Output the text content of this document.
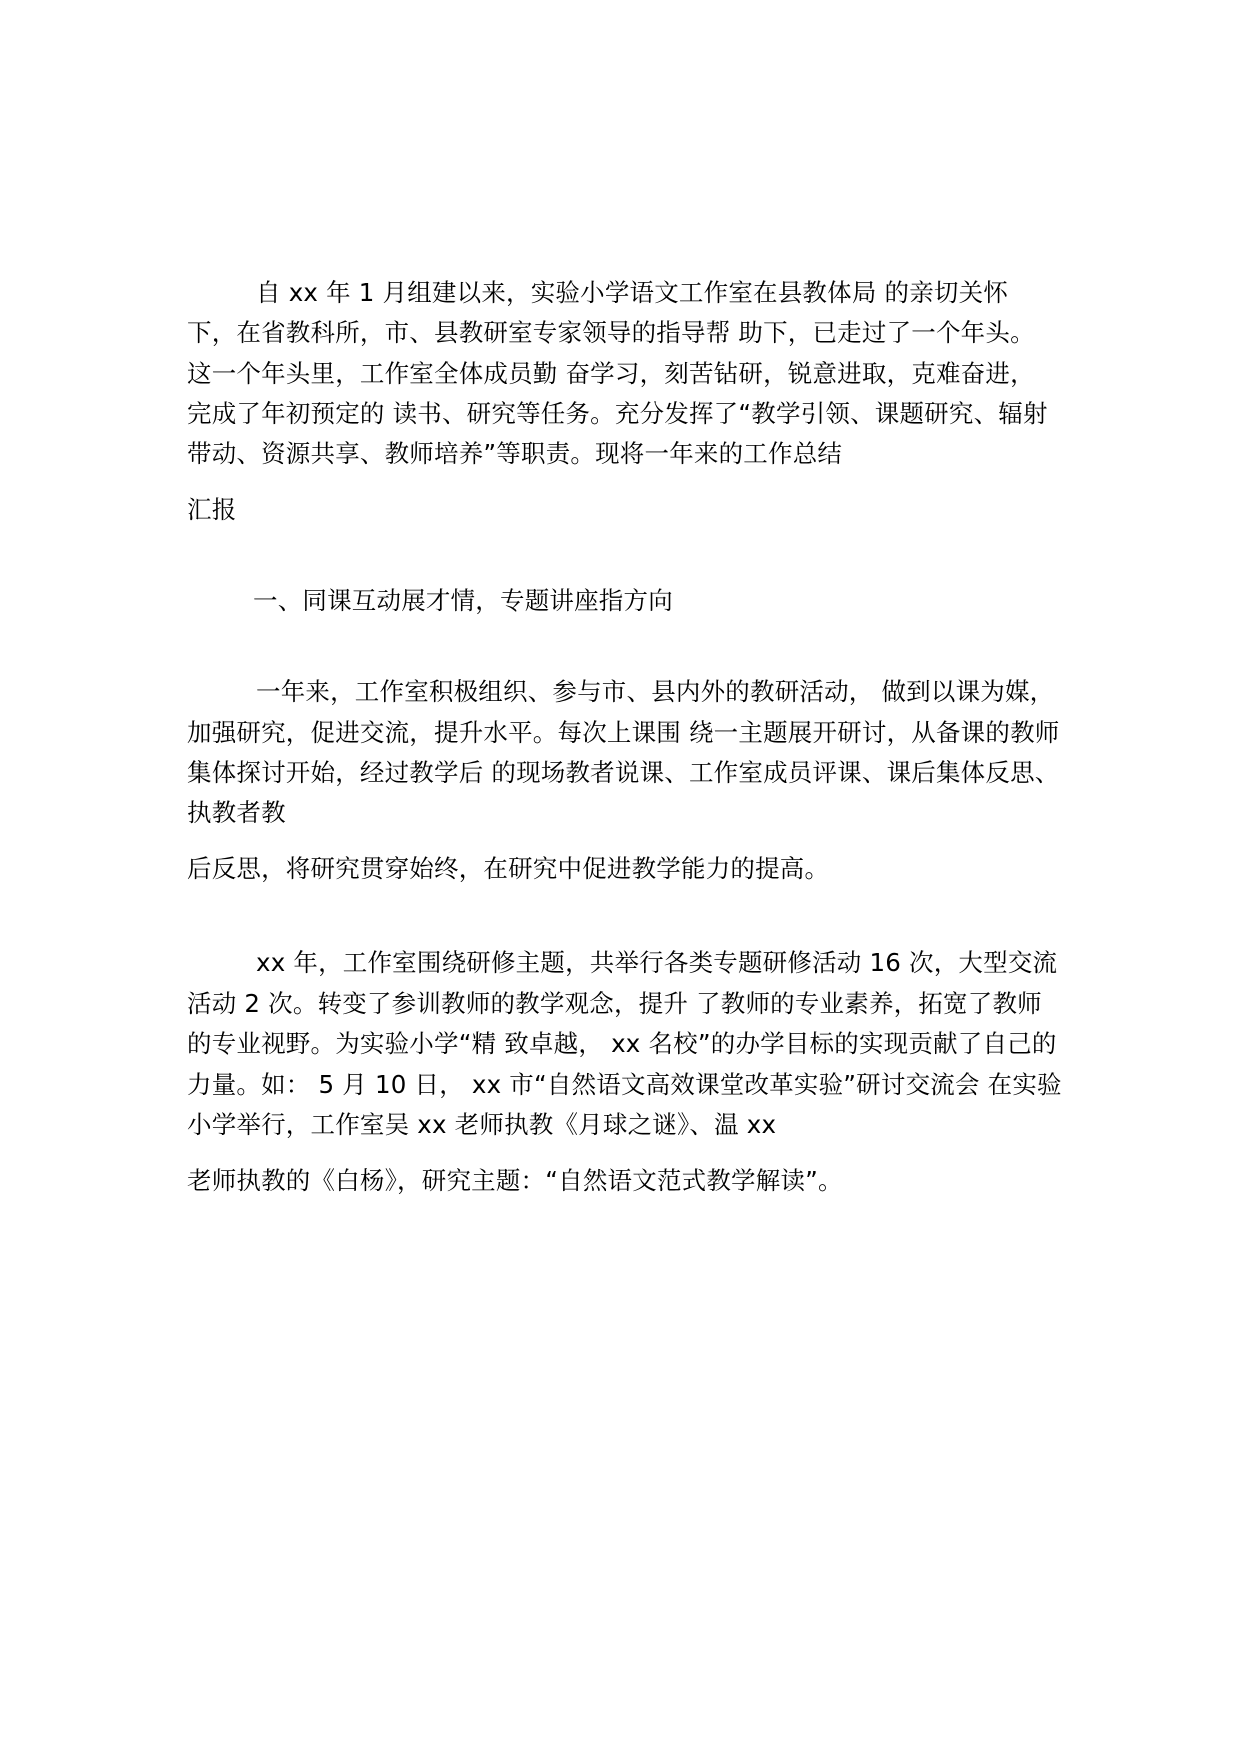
自 xx 年 1 月组建以来，实验小学语文工作室在县教体局 的亲切关怀
下，在省教科所，市、县教研室专家领导的指导帮 助下，已走过了一个年头。
这一个年头里，工作室全体成员勤 奋学习，刻苦钻研，锐意进取，克难奋进，
完成了年初预定的 读书、研究等任务。充分发挥了“教学引领、课题研究、辐射
带动、资源共享、教师培养”等职责。现将一年来的工作总结
汇报
一、同课互动展才情，专题讲座指方向
一年来，工作室积极组织、参与市、县内外的教研活动， 做到以课为媒，
加强研究，促进交流，提升水平。每次上课围 绕一主题展开研讨，从备课的教师
集体探讨开始，经过教学后 的现场教者说课、工作室成员评课、课后集体反思、
执教者教
后反思，将研究贯穿始终，在研究中促进教学能力的提高。
xx 年，工作室围绕研修主题，共举行各类专题研修活动 16 次，大型交流
活动 2 次。转变了参训教师的教学观念，提升 了教师的专业素养，拓宽了教师
的专业视野。为实验小学“精 致卓越， xx 名校”的办学目标的实现贡献了自己的
力量。如： 5 月 10 日， xx 市“自然语文高效课堂改革实验”研讨交流会 在实验
小学举行，工作室吴 xx 老师执教《月球之谜》、温 xx
老师执教的《白杨》，研究主题：“自然语文范式教学解读”。
